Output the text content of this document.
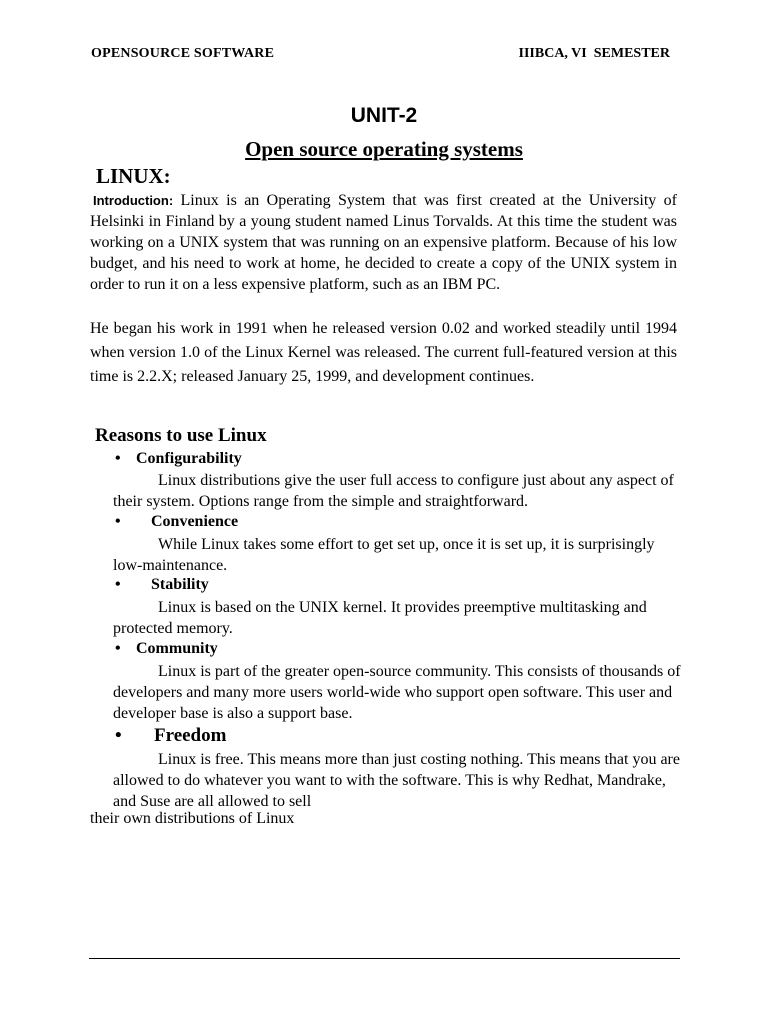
OPENSOURCE SOFTWARE	IIIBCA, VI  SEMESTER
UNIT-2
Open source operating systems
LINUX:
Introduction: Linux is an Operating System that was first created at the University of Helsinki in Finland by a young student named Linus Torvalds. At this time the student was working on a UNIX system that was running on an expensive platform. Because of his low budget, and his need to work at home, he decided to create a copy of the UNIX system in order to run it on a less expensive platform, such as an IBM PC.
He began his work in 1991 when he released version 0.02 and worked steadily until 1994 when version 1.0 of the Linux Kernel was released. The current full-featured version at this time is 2.2.X; released January 25, 1999, and development continues.
Reasons to use Linux
• Configurability
Linux distributions give the user full access to configure just about any aspect of their system. Options range from the simple and straightforward.
• Convenience
While Linux takes some effort to get set up, once it is set up, it is surprisingly low-maintenance.
• Stability
Linux is based on the UNIX kernel. It provides preemptive multitasking and protected memory.
• Community
Linux is part of the greater open-source community. This consists of thousands of developers and many more users world-wide who support open software. This user and developer base is also a support base.
• Freedom
Linux is free. This means more than just costing nothing. This means that you are allowed to do whatever you want to with the software. This is why Redhat, Mandrake, and Suse are all allowed to sell
their own distributions of Linux
